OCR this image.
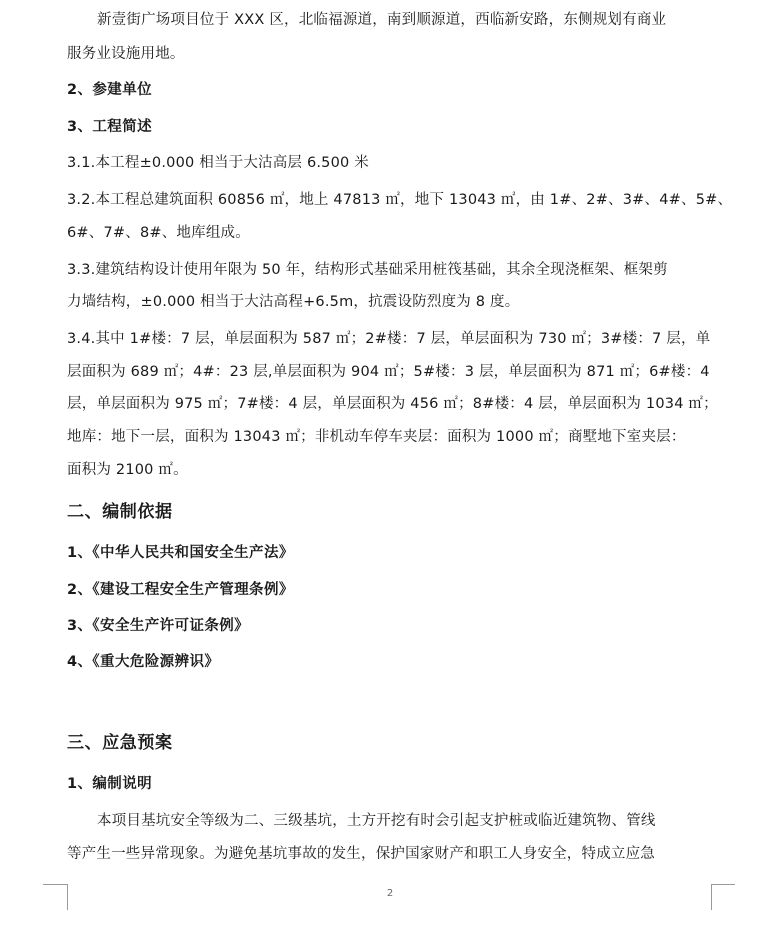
新壹街广场项目位于 XXX 区，北临福源道，南到顺源道，西临新安路，东侧规划有商业
服务业设施用地。
2、参建单位
3、工程简述
3.1.本工程±0.000 相当于大沽高层 6.500 米
3.2.本工程总建筑面积 60856 ㎡，地上 47813 ㎡，地下 13043 ㎡，由 1#、2#、3#、4#、5#、
6#、7#、8#、地库组成。
3.3.建筑结构设计使用年限为 50 年，结构形式基础采用桩筏基础，其余全现浇框架、框架剪
力墙结构，±0.000 相当于大沽高程+6.5m，抗震设防烈度为 8 度。
3.4.其中 1#楼：7 层，单层面积为 587 ㎡；2#楼：7 层，单层面积为 730 ㎡；3#楼：7 层，单
层面积为 689 ㎡；4#：23 层,单层面积为 904 ㎡；5#楼：3 层，单层面积为 871 ㎡；6#楼：4
层，单层面积为 975 ㎡；7#楼：4 层，单层面积为 456 ㎡；8#楼：4 层，单层面积为 1034 ㎡；
地库：地下一层，面积为 13043 ㎡；非机动车停车夹层：面积为 1000 ㎡；商墅地下室夹层：
面积为 2100 ㎡。
二、编制依据
1、《中华人民共和国安全生产法》
2、《建设工程安全生产管理条例》
3、《安全生产许可证条例》
4、《重大危险源辨识》
三、应急预案
1、编制说明
本项目基坑安全等级为二、三级基坑，土方开挖有时会引起支护桩或临近建筑物、管线
等产生一些异常现象。为避免基坑事故的发生，保护国家财产和职工人身安全，特成立应急
2
